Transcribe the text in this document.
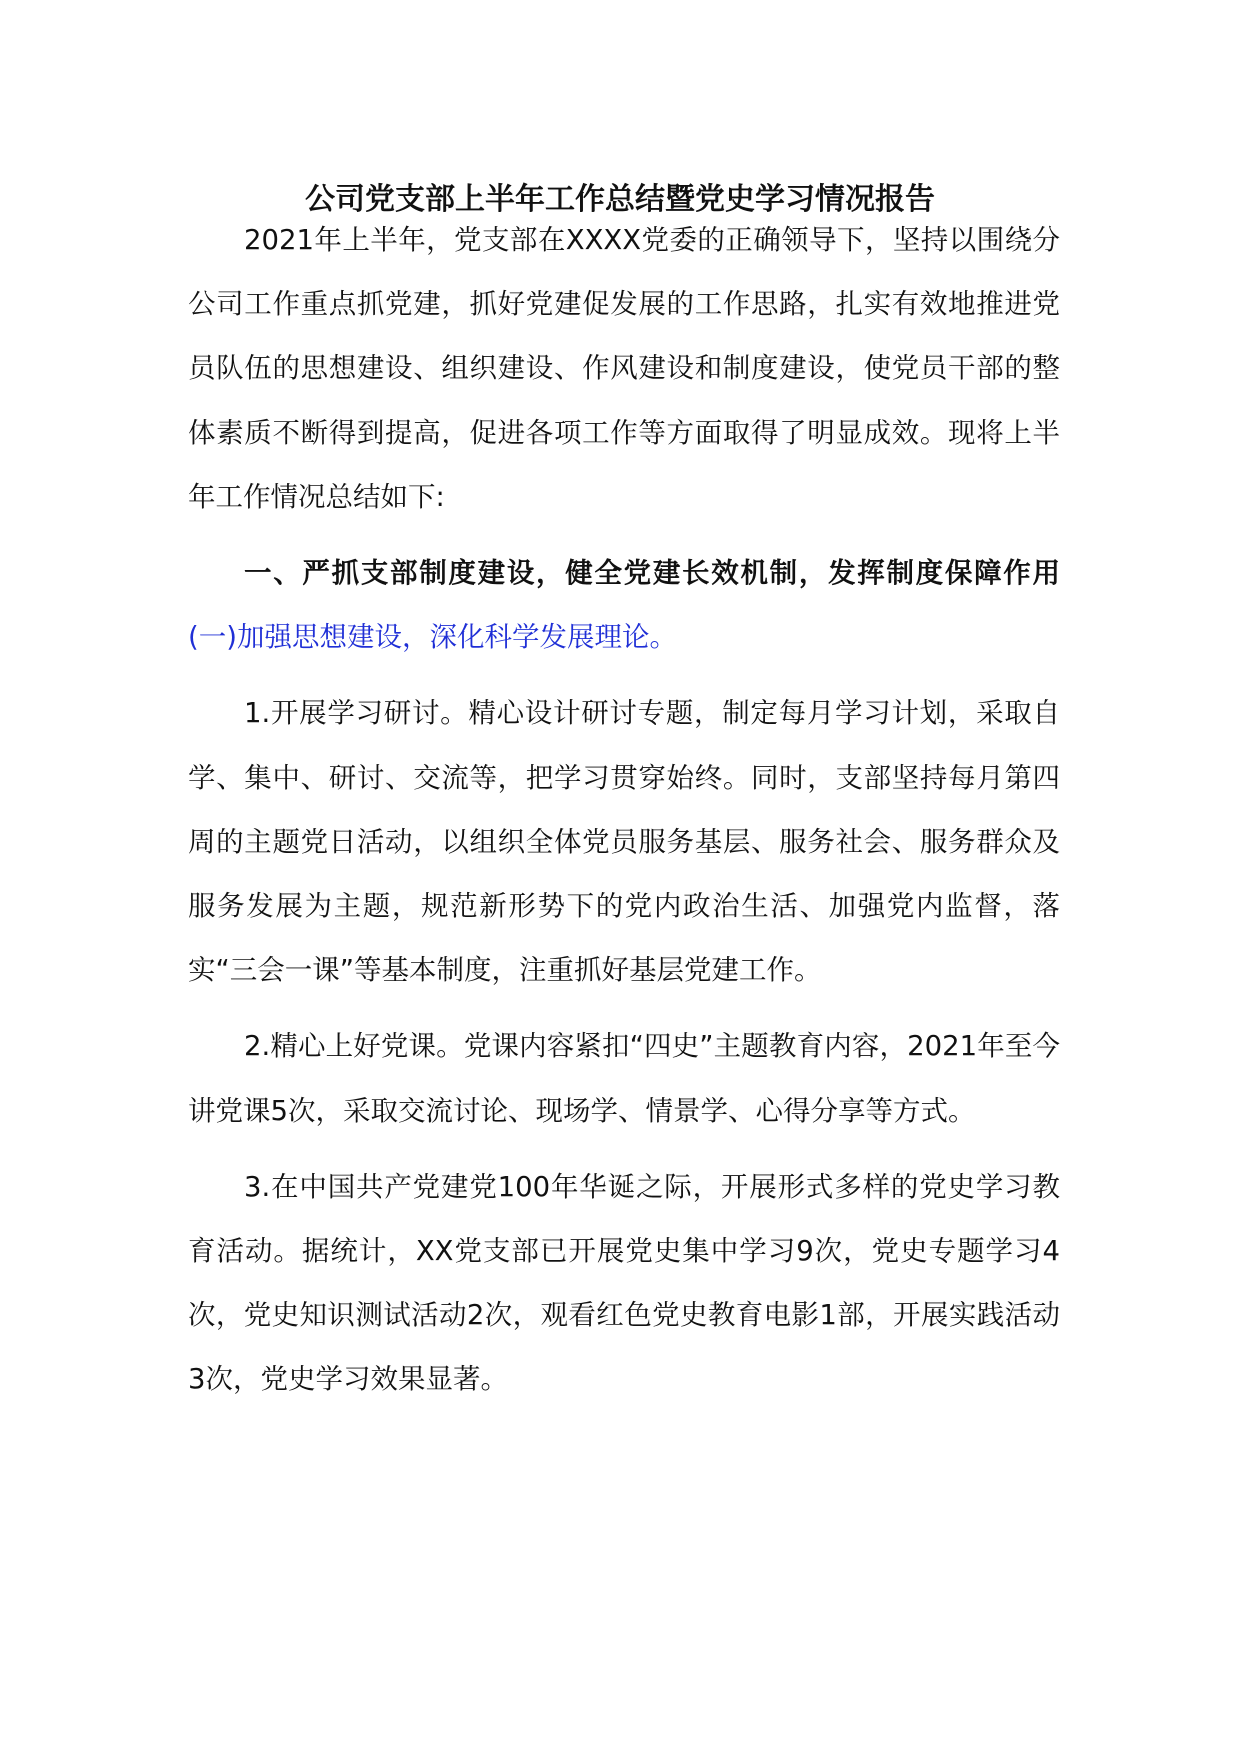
公司党支部上半年工作总结暨党史学习情况报告

2021年上半年，党支部在XXXX党委的正确领导下，坚持以围绕分公司工作重点抓党建，抓好党建促发展的工作思路，扎实有效地推进党员队伍的思想建设、组织建设、作风建设和制度建设，使党员干部的整体素质不断得到提高，促进各项工作等方面取得了明显成效。现将上半年工作情况总结如下:

一、严抓支部制度建设，健全党建长效机制，发挥制度保障作用(一)加强思想建设，深化科学发展理论。

1.开展学习研讨。精心设计研讨专题，制定每月学习计划，采取自学、集中、研讨、交流等，把学习贯穿始终。同时，支部坚持每月第四周的主题党日活动，以组织全体党员服务基层、服务社会、服务群众及服务发展为主题，规范新形势下的党内政治生活、加强党内监督，落实“三会一课”等基本制度，注重抓好基层党建工作。

2.精心上好党课。党课内容紧扣“四史”主题教育内容，2021年至今讲党课5次，采取交流讨论、现场学、情景学、心得分享等方式。

3.在中国共产党建党100年华诞之际，开展形式多样的党史学习教育活动。据统计，XX党支部已开展党史集中学习9次，党史专题学习4次，党史知识测试活动2次，观看红色党史教育电影1部，开展实践活动3次，党史学习效果显著。
